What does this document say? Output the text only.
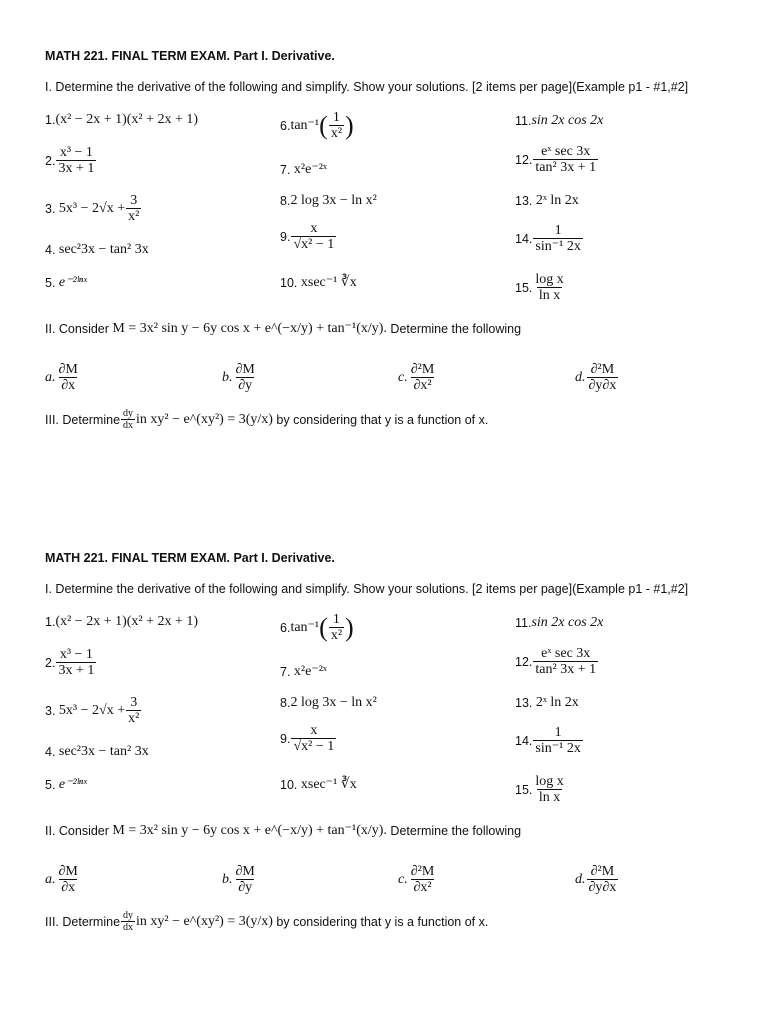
MATH 221. FINAL TERM EXAM. Part I. Derivative.
I. Determine the derivative of the following and simplify. Show your solutions. [2 items per page](Example p1 - #1,#2]
1. (x² − 2x + 1)(x² + 2x + 1)
2. $\frac{\text{x³ − 1}}{3x + 1}$
3.
$5x^3 - 2√x + \frac{3}{\text{x²}}$
4.
sec²3x − tan² 3x
5.
e⁻²ˡⁿˣ
6. tan⁻¹ ( $\frac{1}{\text{x²}}$ )
7.
x²e⁻²ˣ
8. 2 log 3x − ln x²
9. $\frac{x}{\text{√x² − 1}}$
10.
xsec⁻¹ ∛x
11. sin 2x cos 2x
12. $\frac{\text{eˣ sec 3x}}{\text{tan² 3x + 1}}$
13.
2ˣ ln 2x
14. $\frac{1}{\text{sin⁻¹ 2x}}$
15. $\frac{\text{log x}}{\text{ln x}}$
II. Consider
M = 3x² sin y − 6y cos x + e^(−x/y) + tan⁻¹(x/y).
Determine the following
a. $\frac{\partial M}{\partial x}$	b. $\frac{\partial M}{\partial y}$	c. $\frac{\text{∂²M}}{\text{∂x²}}$	d. $\frac{\text{∂²M}}{\partial y\partial x}$
III. Determine $\frac{dy}{dx}$ in xy² − e^(xy²) = 3(y/x)
by considering that y is a function of x.
MATH 221. FINAL TERM EXAM. Part I. Derivative.
I. Determine the derivative of the following and simplify. Show your solutions. [2 items per page](Example p1 - #1,#2]
1. (x² − 2x + 1)(x² + 2x + 1)
2. $\frac{\text{x³ − 1}}{3x + 1}$
3.
$5x^3 - 2√x + \frac{3}{\text{x²}}$
4.
sec²3x − tan² 3x
5.
e⁻²ˡⁿˣ
6. tan⁻¹ ( $\frac{1}{\text{x²}}$ )
7.
x²e⁻²ˣ
8. 2 log 3x − ln x²
9. $\frac{x}{\text{√x² − 1}}$
10.
xsec⁻¹ ∛x
11. sin 2x cos 2x
12. $\frac{\text{eˣ sec 3x}}{\text{tan² 3x + 1}}$
13.
2ˣ ln 2x
14. $\frac{1}{\text{sin⁻¹ 2x}}$
15. $\frac{\text{log x}}{\text{ln x}}$
II. Consider
M = 3x² sin y − 6y cos x + e^(−x/y) + tan⁻¹(x/y).
Determine the following
a. $\frac{\partial M}{\partial x}$	b. $\frac{\partial M}{\partial y}$	c. $\frac{\text{∂²M}}{\text{∂x²}}$	d. $\frac{\text{∂²M}}{\partial y\partial x}$
III. Determine $\frac{dy}{dx}$ in xy² − e^(xy²) = 3(y/x)
by considering that y is a function of x.
